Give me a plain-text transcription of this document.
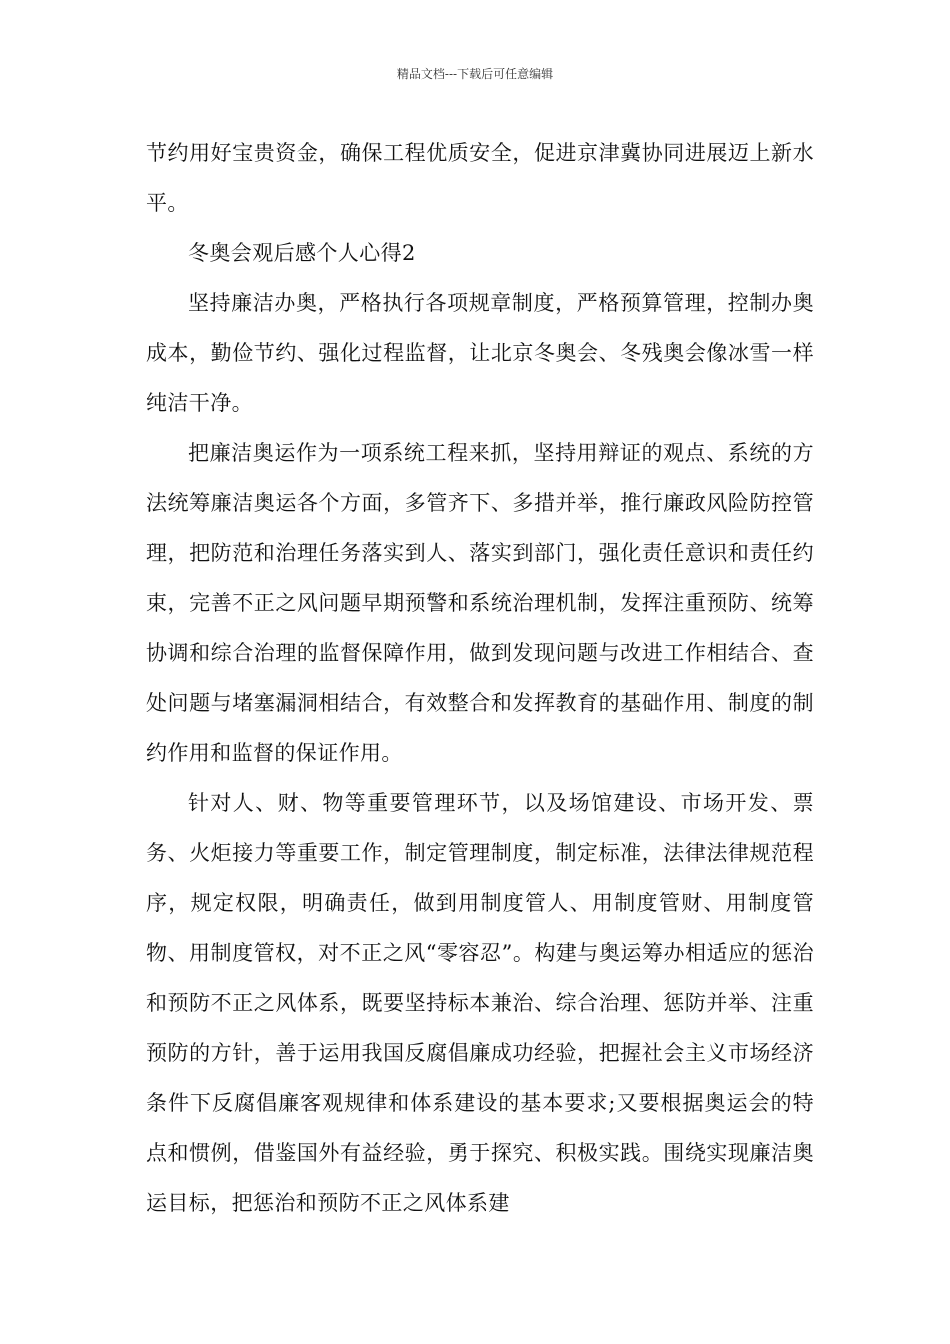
精品文档---下载后可任意编辑

节约用好宝贵资金，确保工程优质安全，促进京津冀协同进展迈上新水平。

冬奥会观后感个人心得2

坚持廉洁办奥，严格执行各项规章制度，严格预算管理，控制办奥成本，勤俭节约、强化过程监督，让北京冬奥会、冬残奥会像冰雪一样纯洁干净。

把廉洁奥运作为一项系统工程来抓，坚持用辩证的观点、系统的方法统筹廉洁奥运各个方面，多管齐下、多措并举，推行廉政风险防控管理，把防范和治理任务落实到人、落实到部门，强化责任意识和责任约束，完善不正之风问题早期预警和系统治理机制，发挥注重预防、统筹协调和综合治理的监督保障作用，做到发现问题与改进工作相结合、查处问题与堵塞漏洞相结合，有效整合和发挥教育的基础作用、制度的制约作用和监督的保证作用。

针对人、财、物等重要管理环节，以及场馆建设、市场开发、票务、火炬接力等重要工作，制定管理制度，制定标准，法律法律规范程序，规定权限，明确责任，做到用制度管人、用制度管财、用制度管物、用制度管权，对不正之风“零容忍”。构建与奥运筹办相适应的惩治和预防不正之风体系，既要坚持标本兼治、综合治理、惩防并举、注重预防的方针，善于运用我国反腐倡廉成功经验，把握社会主义市场经济条件下反腐倡廉客观规律和体系建设的基本要求;又要根据奥运会的特点和惯例，借鉴国外有益经验，勇于探究、积极实践。围绕实现廉洁奥运目标，把惩治和预防不正之风体系建
